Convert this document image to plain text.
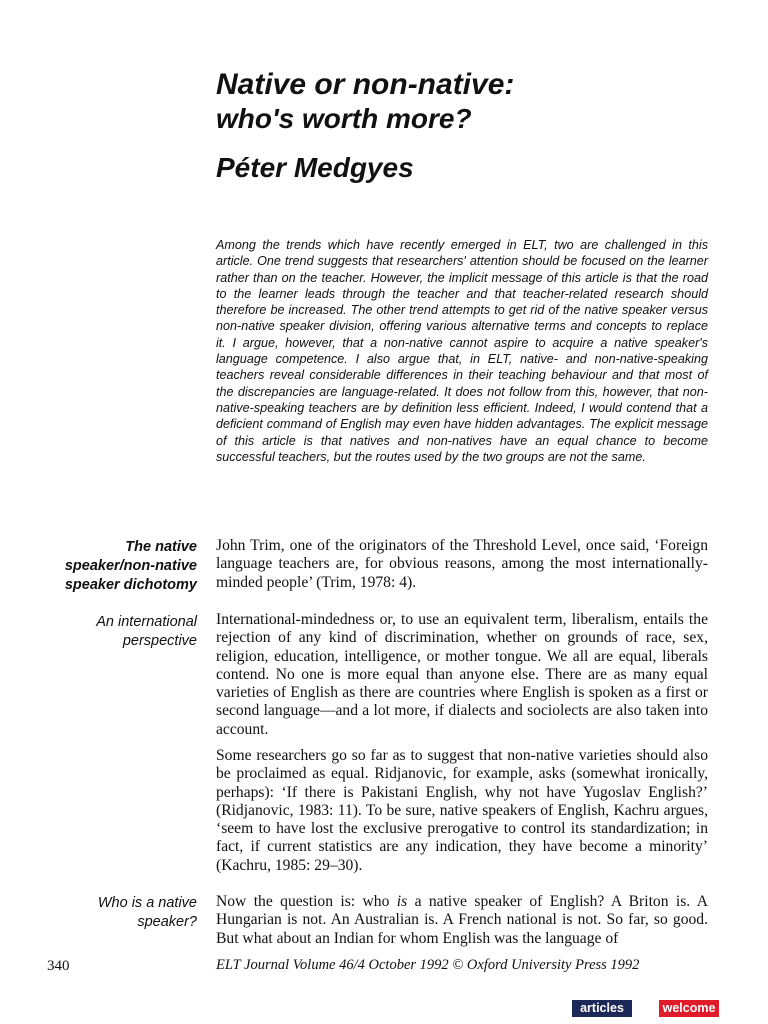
Native or non-native:
who's worth more?
Péter Medgyes

Among the trends which have recently emerged in ELT, two are challenged in this article. One trend suggests that researchers' attention should be focused on the learner rather than on the teacher. However, the implicit message of this article is that the road to the learner leads through the teacher and that teacher-related research should therefore be increased. The other trend attempts to get rid of the native speaker versus non-native speaker division, offering various alternative terms and concepts to replace it. I argue, however, that a non-native cannot aspire to acquire a native speaker's language competence. I also argue that, in ELT, native- and non-native-speaking teachers reveal considerable differences in their teaching behaviour and that most of the discrepancies are language-related. It does not follow from this, however, that non-native-speaking teachers are by definition less efficient. Indeed, I would contend that a deficient command of English may even have hidden advantages. The explicit message of this article is that natives and non-natives have an equal chance to become successful teachers, but the routes used by the two groups are not the same.

The native speaker/non-native speaker dichotomy

An international perspective

John Trim, one of the originators of the Threshold Level, once said, ‘Foreign language teachers are, for obvious reasons, among the most internationally-minded people’ (Trim, 1978: 4).

International-mindedness or, to use an equivalent term, liberalism, entails the rejection of any kind of discrimination, whether on grounds of race, sex, religion, education, intelligence, or mother tongue. We all are equal, liberals contend. No one is more equal than anyone else. There are as many equal varieties of English as there are countries where English is spoken as a first or second language—and a lot more, if dialects and sociolects are also taken into account.

Some researchers go so far as to suggest that non-native varieties should also be proclaimed as equal. Ridjanovic, for example, asks (somewhat ironically, perhaps): ‘If there is Pakistani English, why not have Yugoslav English?’ (Ridjanovic, 1983: 11). To be sure, native speakers of English, Kachru argues, ‘seem to have lost the exclusive prerogative to control its standardization; in fact, if current statistics are any indication, they have become a minority’ (Kachru, 1985: 29–30).

Who is a native speaker?

Now the question is: who is a native speaker of English? A Briton is. A Hungarian is not. An Australian is. A French national is not. So far, so good. But what about an Indian for whom English was the language of

340	ELT Journal Volume 46/4 October 1992 © Oxford University Press 1992

articles	welcome
